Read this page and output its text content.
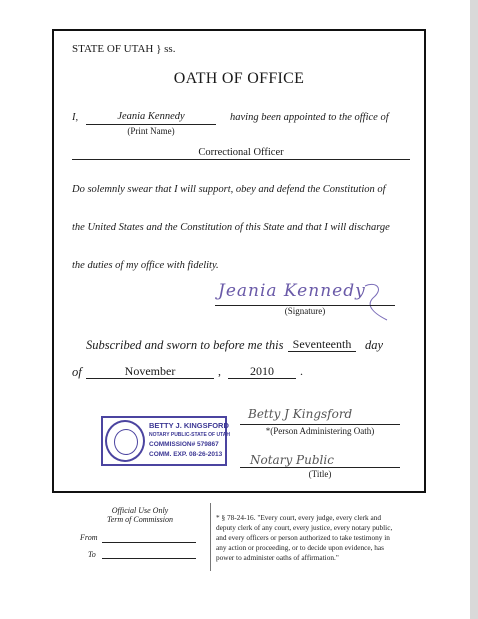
STATE OF UTAH } ss.
OATH OF OFFICE
I,	Jeania Kennedy
(Print Name)
having been appointed to the office of
Correctional Officer
Do solemnly swear that I will support, obey and defend the Constitution of
the United States and the Constitution of this State and that I will discharge
the duties of my office with fidelity.
Jeania Kennedy
(Signature)
Subscribed and sworn to before me this Seventeenth	day
of	November	,	2010	.
BETTY J. KINGSFORD
NOTARY PUBLIC-STATE OF UTAH
COMMISSION# 579867
COMM. EXP. 08-26-2013
Betty J Kingsford
*(Person Administering Oath)
Notary Public
(Title)
Official Use Only
Term of Commission
From
To
* § 78-24-16. "Every court, every judge, every clerk and
deputy clerk of any court, every justice, every notary public,
and every officers or person authorized to take testimony in
any action or proceeding, or to decide upon evidence, has
power to administer oaths of affirmation."
